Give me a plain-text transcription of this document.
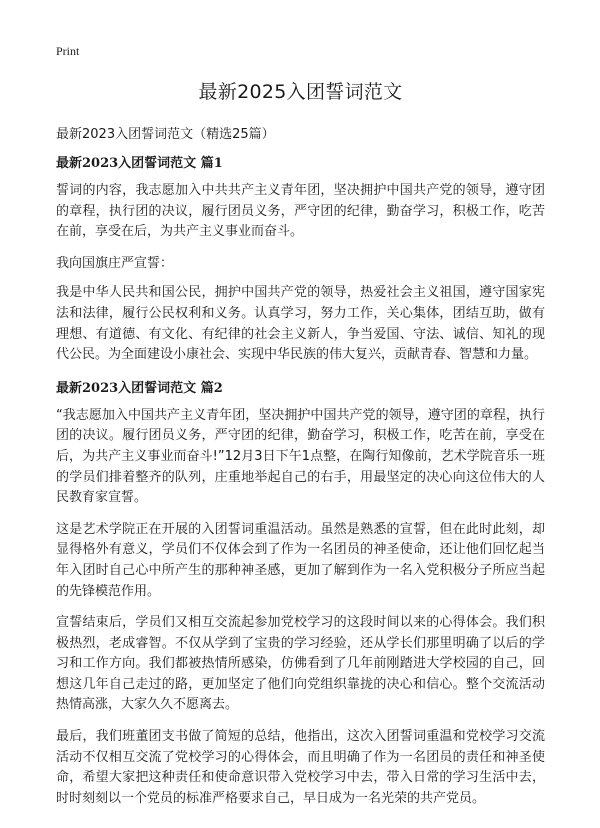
Print
最新2025入团誓词范文

最新2023入团誓词范文（精选25篇）

最新2023入团誓词范文 篇1

誓词的内容，我志愿加入中共共产主义青年团，坚决拥护中国共产党的领导，遵守团的章程，执行团的决议，履行团员义务，严守团的纪律，勤奋学习，积极工作，吃苦在前，享受在后，为共产主义事业而奋斗。

我向国旗庄严宣誓：

我是中华人民共和国公民，拥护中国共产党的领导，热爱社会主义祖国，遵守国家宪法和法律，履行公民权利和义务。认真学习，努力工作，关心集体，团结互助，做有理想、有道德、有文化、有纪律的社会主义新人，争当爱国、守法、诚信、知礼的现代公民。为全面建设小康社会、实现中华民族的伟大复兴，贡献青春、智慧和力量。

最新2023入团誓词范文 篇2

“我志愿加入中国共产主义青年团，坚决拥护中国共产党的领导，遵守团的章程，执行团的决议。履行团员义务，严守团的纪律，勤奋学习，积极工作，吃苦在前，享受在后，为共产主义事业而奋斗!”12月3日下午1点整，在陶行知像前，艺术学院音乐一班的学员们排着整齐的队列，庄重地举起自己的右手，用最坚定的决心向这位伟大的人民教育家宣誓。

这是艺术学院正在开展的入团誓词重温活动。虽然是熟悉的宣誓，但在此时此刻，却显得格外有意义，学员们不仅体会到了作为一名团员的神圣使命，还让他们回忆起当年入团时自己心中所产生的那种神圣感，更加了解到作为一名入党积极分子所应当起的先锋模范作用。

宣誓结束后，学员们又相互交流起参加党校学习的这段时间以来的心得体会。我们积极热烈，老成睿智。不仅从学到了宝贵的学习经验，还从学长们那里明确了以后的学习和工作方向。我们都被热情所感染，仿佛看到了几年前刚踏进大学校园的自己，回想这几年自己走过的路，更加坚定了他们向党组织靠拢的决心和信心。整个交流活动热情高涨，大家久久不愿离去。

最后，我们班董团支书做了简短的总结，他指出，这次入团誓词重温和党校学习交流活动不仅相互交流了党校学习的心得体会，而且明确了作为一名团员的责任和神圣使命，希望大家把这种责任和使命意识带入党校学习中去，带入日常的学习生活中去，时时刻刻以一个党员的标准严格要求自己，早日成为一名光荣的共产党员。
